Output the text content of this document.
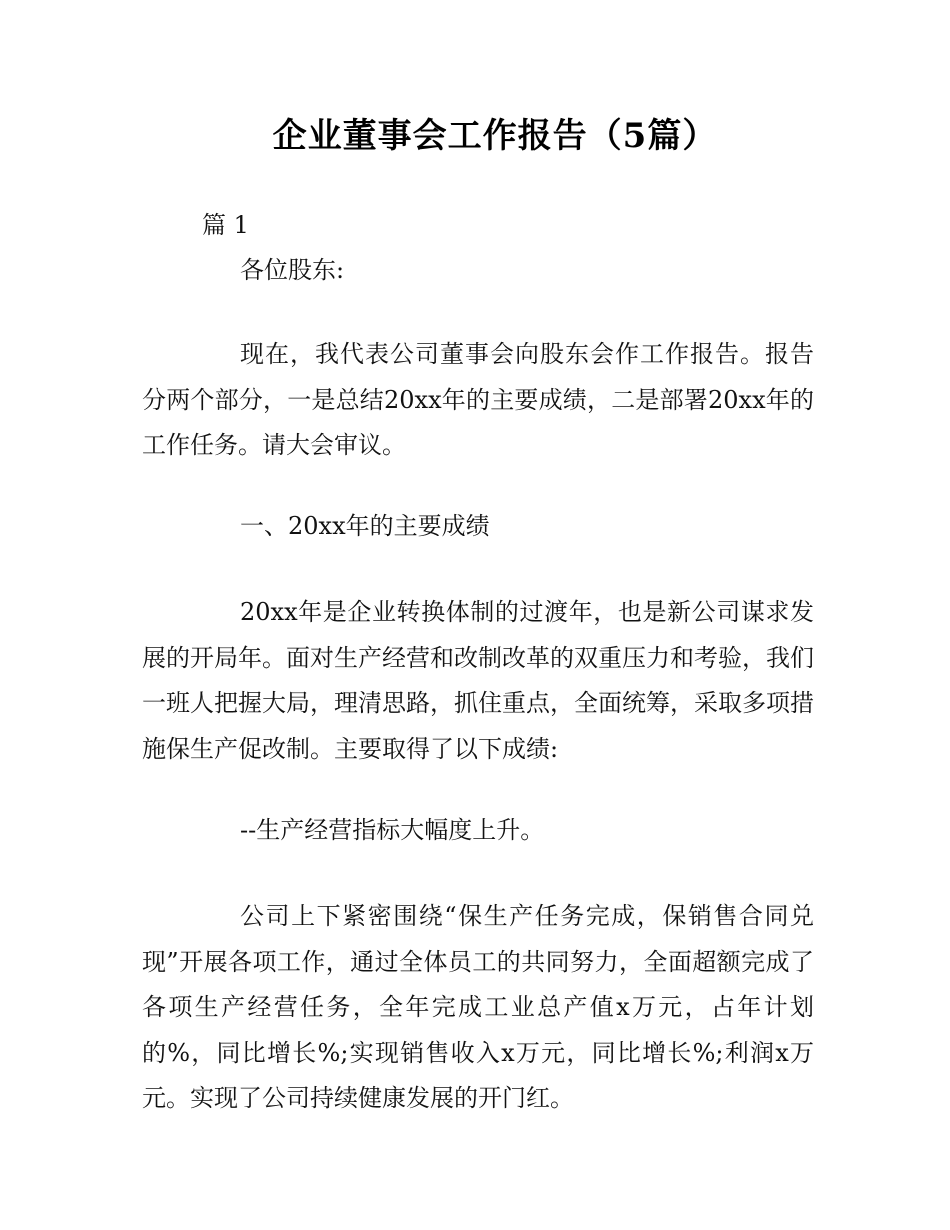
企业董事会工作报告（5篇）
篇 1
各位股东:
现在，我代表公司董事会向股东会作工作报告。报告分两个部分，一是总结20xx年的主要成绩，二是部署20xx年的工作任务。请大会审议。
一、20xx年的主要成绩
20xx年是企业转换体制的过渡年，也是新公司谋求发展的开局年。面对生产经营和改制改革的双重压力和考验，我们一班人把握大局，理清思路，抓住重点，全面统筹，采取多项措施保生产促改制。主要取得了以下成绩:
--生产经营指标大幅度上升。
公司上下紧密围绕“保生产任务完成，保销售合同兑现”开展各项工作，通过全体员工的共同努力，全面超额完成了各项生产经营任务，全年完成工业总产值x万元，占年计划的%，同比增长%;实现销售收入x万元，同比增长%;利润x万元。实现了公司持续健康发展的开门红。
